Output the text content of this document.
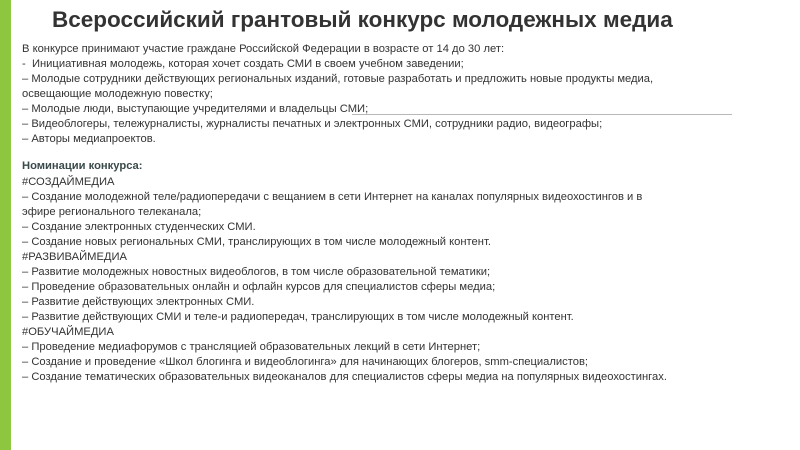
Всероссийский грантовый конкурс молодежных медиа
В конкурсе принимают участие граждане Российской Федерации в возрасте от 14 до 30 лет:
-  Инициативная молодежь, которая хочет создать СМИ в своем учебном заведении;
– Молодые сотрудники действующих региональных изданий, готовые разработать и предложить новые продукты медиа,
освещающие молодежную повестку;
– Молодые люди, выступающие учредителями и владельцы СМИ;
– Видеоблогеры, тележурналисты, журналисты печатных и электронных СМИ, сотрудники радио, видеографы;
– Авторы медиапроектов.
Номинации конкурса:
#СОЗДАЙМЕДИА
– Создание молодежной теле/радиопередачи с вещанием в сети Интернет на каналах популярных видеохостингов и в
эфире регионального телеканала;
– Создание электронных студенческих СМИ.
– Создание новых региональных СМИ, транслирующих в том числе молодежный контент.
#РАЗВИВАЙМЕДИА
– Развитие молодежных новостных видеоблогов, в том числе образовательной тематики;
– Проведение образовательных онлайн и офлайн курсов для специалистов сферы медиа;
– Развитие действующих электронных СМИ.
– Развитие действующих СМИ и теле-и радиопередач, транслирующих в том числе молодежный контент.
#ОБУЧАЙМЕДИА
– Проведение медиафорумов с трансляцией образовательных лекций в сети Интернет;
– Создание и проведение «Школ блогинга и видеоблогинга» для начинающих блогеров, smm-специалистов;
– Создание тематических образовательных видеоканалов для специалистов сферы медиа на популярных видеохостингах.
